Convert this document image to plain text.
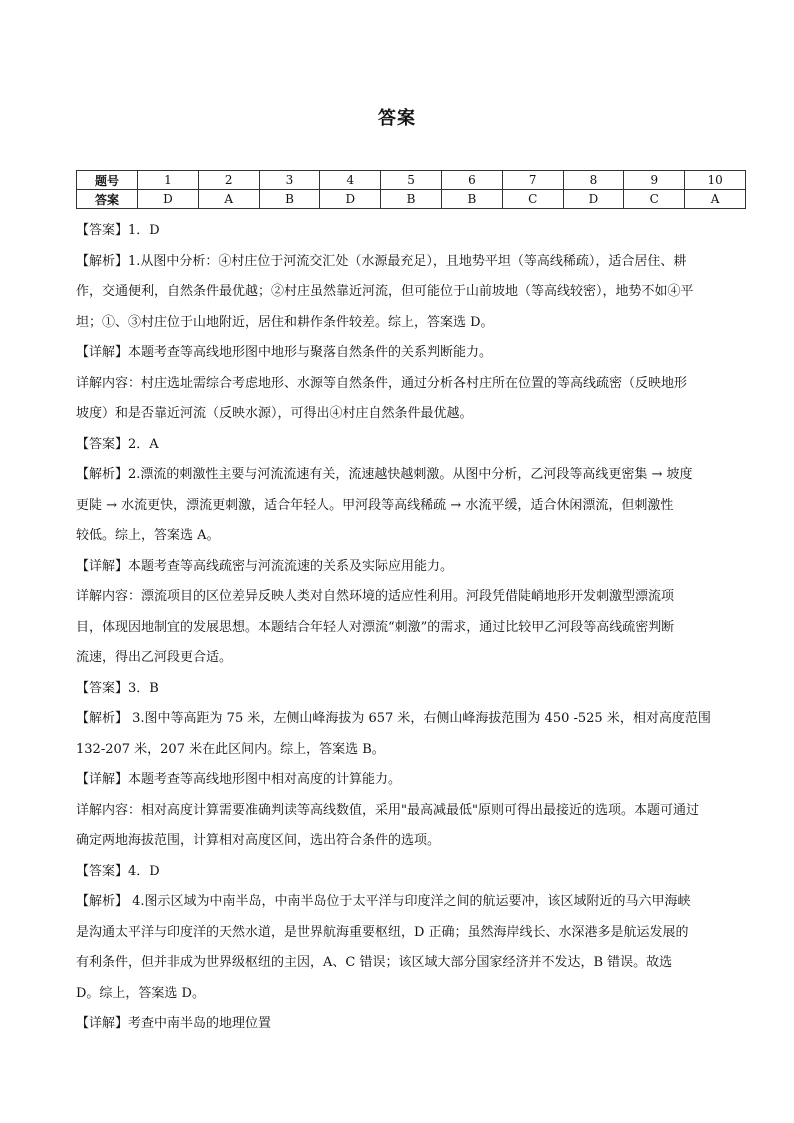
答案
题号	1	2	3	4	5	6	7	8	9	10
答案	D	A	B	D	B	B	C	D	C	A

【答案】1．D

【解析】1.从图中分析：④村庄位于河流交汇处（水源最充足），且地势平坦（等高线稀疏），适合居住、耕

作，交通便利，自然条件最优越；②村庄虽然靠近河流，但可能位于山前坡地（等高线较密），地势不如④平

坦；①、③村庄位于山地附近，居住和耕作条件较差。综上，答案选 D。

【详解】本题考查等高线地形图中地形与聚落自然条件的关系判断能力。

详解内容：村庄选址需综合考虑地形、水源等自然条件，通过分析各村庄所在位置的等高线疏密（反映地形

坡度）和是否靠近河流（反映水源），可得出④村庄自然条件最优越。

【答案】2．A

【解析】2.漂流的刺激性主要与河流流速有关，流速越快越刺激。从图中分析，乙河段等高线更密集 → 坡度

更陡 → 水流更快，漂流更刺激，适合年轻人。甲河段等高线稀疏 → 水流平缓，适合休闲漂流，但刺激性

较低。综上，答案选 A。

【详解】本题考查等高线疏密与河流流速的关系及实际应用能力。

详解内容：漂流项目的区位差异反映人类对自然环境的适应性利用。河段凭借陡峭地形开发刺激型漂流项

目，体现因地制宜的发展思想。本题结合年轻人对漂流“刺激”的需求，通过比较甲乙河段等高线疏密判断

流速，得出乙河段更合适。

【答案】3．B

【解析】 3.图中等高距为 75 米，左侧山峰海拔为 657 米，右侧山峰海拔范围为 450 -525 米，相对高度范围

132-207 米，207 米在此区间内。综上，答案选 B。

【详解】本题考查等高线地形图中相对高度的计算能力。

详解内容：相对高度计算需要准确判读等高线数值，采用"最高减最低"原则可得出最接近的选项。本题可通过

确定两地海拔范围，计算相对高度区间，选出符合条件的选项。

【答案】4．D

【解析】 4.图示区域为中南半岛，中南半岛位于太平洋与印度洋之间的航运要冲，该区域附近的马六甲海峡

是沟通太平洋与印度洋的天然水道，是世界航海重要枢纽，D 正确；虽然海岸线长、水深港多是航运发展的

有利条件，但并非成为世界级枢纽的主因，A、C 错误；该区域大部分国家经济并不发达，B 错误。故选

D。综上，答案选 D。

【详解】考查中南半岛的地理位置
